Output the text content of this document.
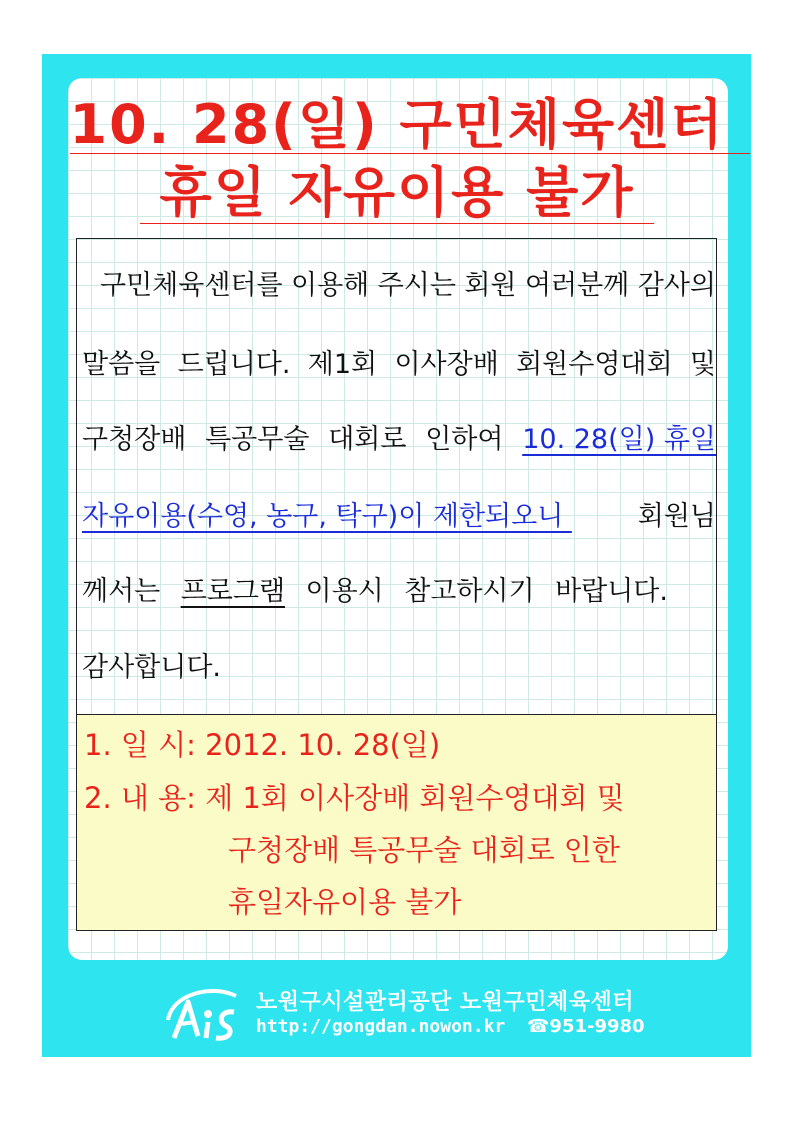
10. 28(일) 구민체육센터
휴일 자유이용 불가
구민체육센터를 이용해 주시는 회원 여러분께 감사의
말씀을 드립니다. 제1회 이사장배 회원수영대회 및
구청장배 특공무술 대회로 인하여 10. 28(일) 휴일
자유이용(수영, 농구, 탁구)이 제한되오니 회원님
께서는 프로그램 이용시 참고하시기 바랍니다.
감사합니다.
1. 일 시: 2012. 10. 28(일)
2. 내 용: 제 1회 이사장배 회원수영대회 및
구청장배 특공무술 대회로 인한
휴일자유이용 불가
노원구시설관리공단 노원구민체육센터
http://gongdan.nowon.kr ☎951-9980
